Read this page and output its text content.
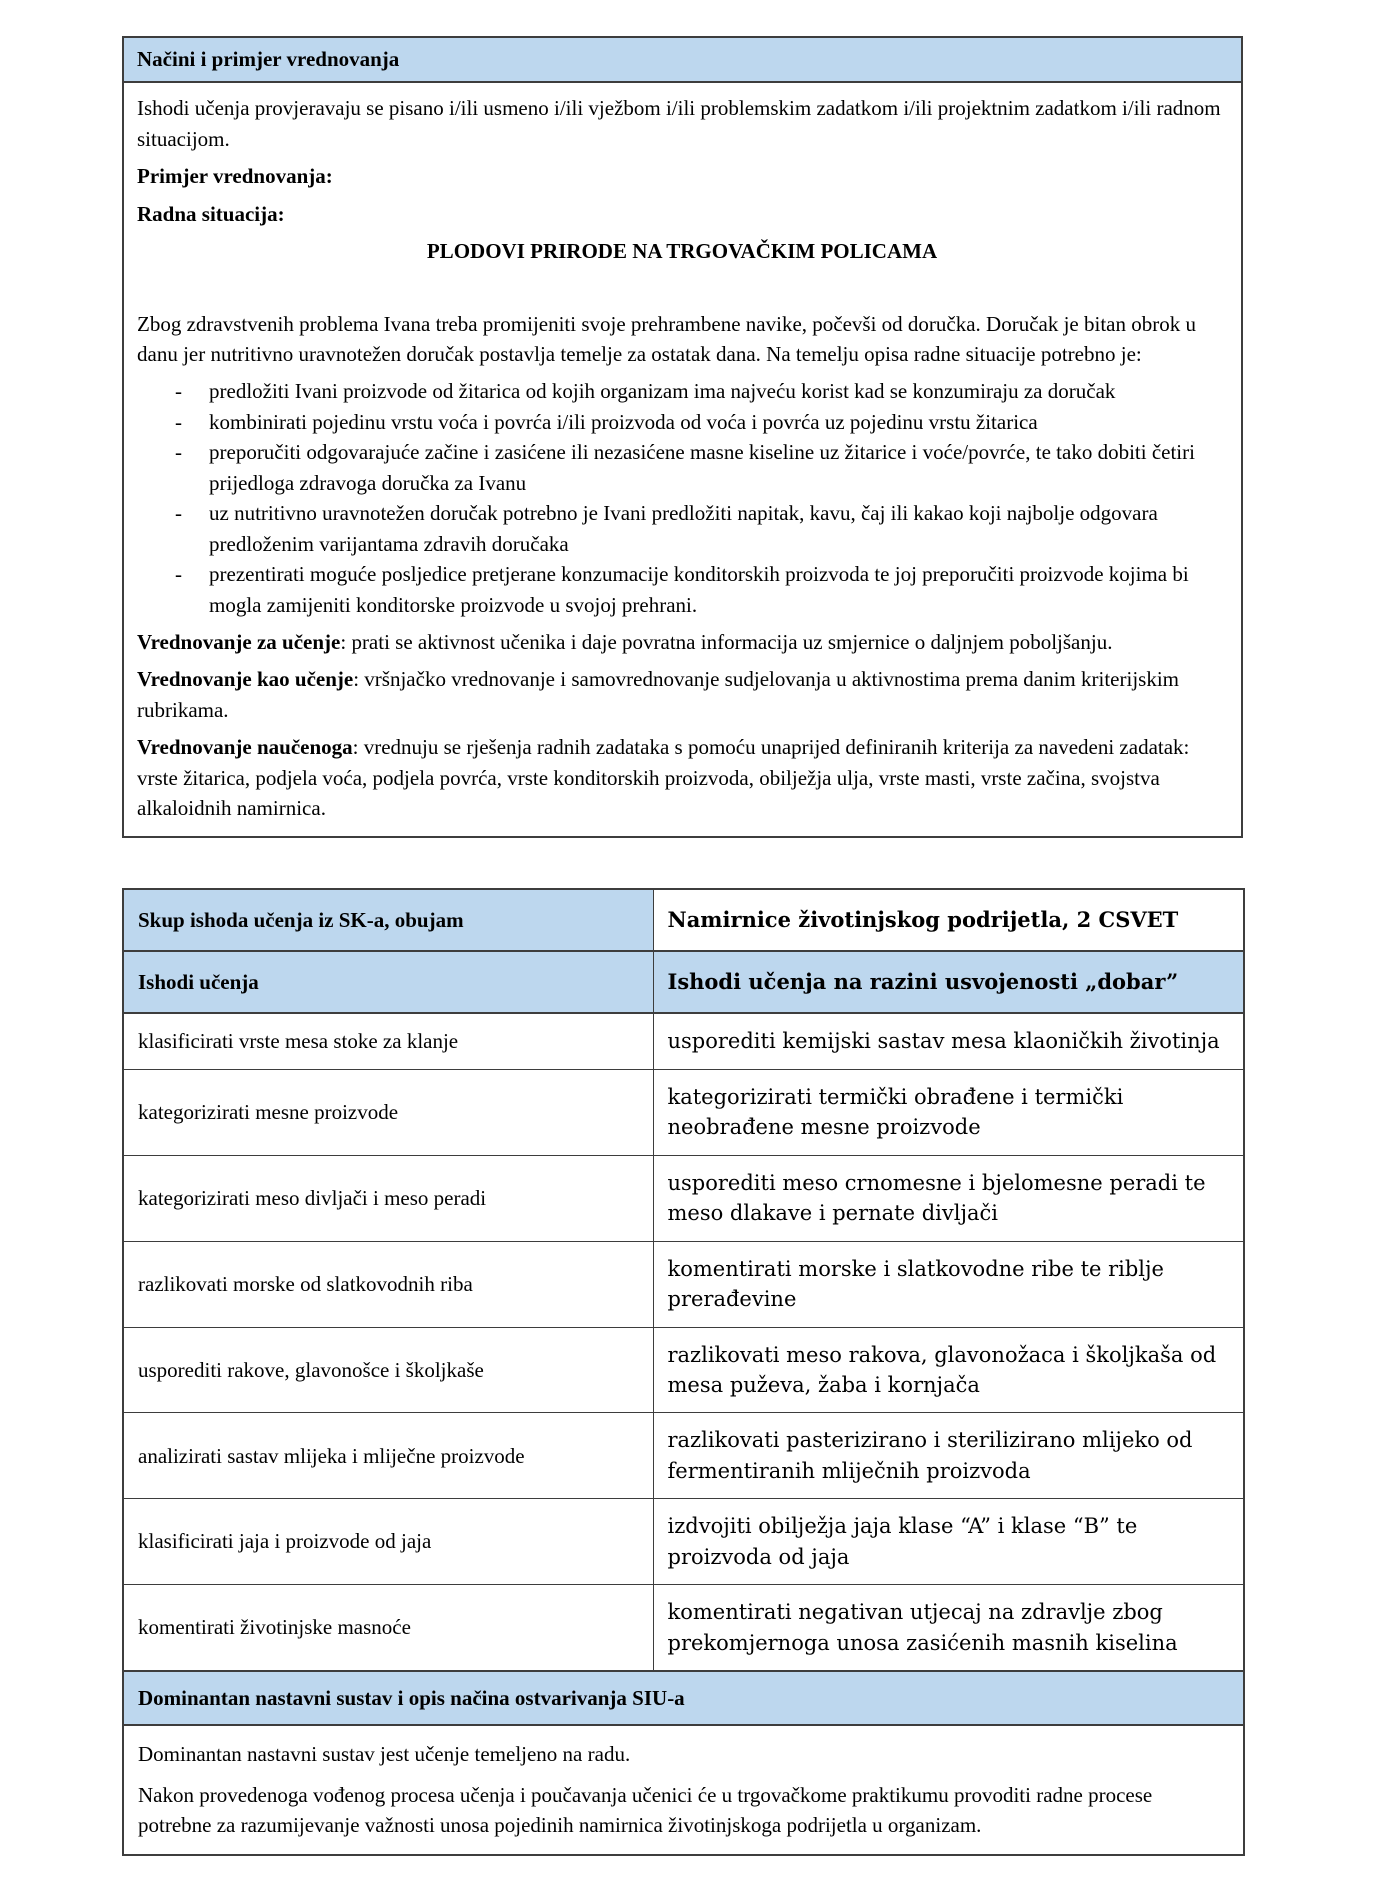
Načini i primjer vrednovanja

Ishodi učenja provjeravaju se pisano i/ili usmeno i/ili vježbom i/ili problemskim zadatkom i/ili projektnim zadatkom i/ili radnom situacijom.

Primjer vrednovanja:

Radna situacija:

PLODOVI PRIRODE NA TRGOVAČKIM POLICAMA

Zbog zdravstvenih problema Ivana treba promijeniti svoje prehrambene navike, počevši od doručka. Doručak je bitan obrok u danu jer nutritivno uravnotežen doručak postavlja temelje za ostatak dana. Na temelju opisa radne situacije potrebno je:

- predložiti Ivani proizvode od žitarica od kojih organizam ima najveću korist kad se konzumiraju za doručak
- kombinirati pojedinu vrstu voća i povrća i/ili proizvoda od voća i povrća uz pojedinu vrstu žitarica
- preporučiti odgovarajuće začine i zasićene ili nezasićene masne kiseline uz žitarice i voće/povrće, te tako dobiti četiri prijedloga zdravoga doručka za Ivanu
- uz nutritivno uravnotežen doručak potrebno je Ivani predložiti napitak, kavu, čaj ili kakao koji najbolje odgovara predloženim varijantama zdravih doručaka
- prezentirati moguće posljedice pretjerane konzumacije konditorskih proizvoda te joj preporučiti proizvode kojima bi mogla zamijeniti konditorske proizvode u svojoj prehrani.

Vrednovanje za učenje: prati se aktivnost učenika i daje povratna informacija uz smjernice o daljnjem poboljšanju.

Vrednovanje kao učenje: vršnjačko vrednovanje i samovrednovanje sudjelovanja u aktivnostima prema danim kriterijskim rubrikama.

Vrednovanje naučenoga: vrednuju se rješenja radnih zadataka s pomoću unaprijed definiranih kriterija za navedeni zadatak: vrste žitarica, podjela voća, podjela povrća, vrste konditorskih proizvoda, obilježja ulja, vrste masti, vrste začina, svojstva alkaloidnih namirnica.

Skup ishoda učenja iz SK-a, obujam	Namirnice životinjskog podrijetla, 2 CSVET
Ishodi učenja	Ishodi učenja na razini usvojenosti „dobar”
klasificirati vrste mesa stoke za klanje	usporediti kemijski sastav mesa klaoničkih životinja
kategorizirati mesne proizvode	kategorizirati termički obrađene i termički neobrađene mesne proizvode
kategorizirati meso divljači i meso peradi	usporediti meso crnomesne i bjelomesne peradi te meso dlakave i pernate divljači
razlikovati morske od slatkovodnih riba	komentirati morske i slatkovodne ribe te riblje prerađevine
usporediti rakove, glavonošce i školjkaše	razlikovati meso rakova, glavonožaca i školjkaša od mesa puževa, žaba i kornjača
analizirati sastav mlijeka i mliječne proizvode	razlikovati pasterizirano i sterilizirano mlijeko od fermentiranih mliječnih proizvoda
klasificirati jaja i proizvode od jaja	izdvojiti obilježja jaja klase “A” i klase “B” te proizvoda od jaja
komentirati životinjske masnoće	komentirati negativan utjecaj na zdravlje zbog prekomjernoga unosa zasićenih masnih kiselina
Dominantan nastavni sustav i opis načina ostvarivanja SIU-a	

Dominantan nastavni sustav jest učenje temeljeno na radu.

Nakon provedenoga vođenog procesa učenja i poučavanja učenici će u trgovačkome praktikumu provoditi radne procese potrebne za razumijevanje važnosti unosa pojedinih namirnica životinjskoga podrijetla u organizam.	
